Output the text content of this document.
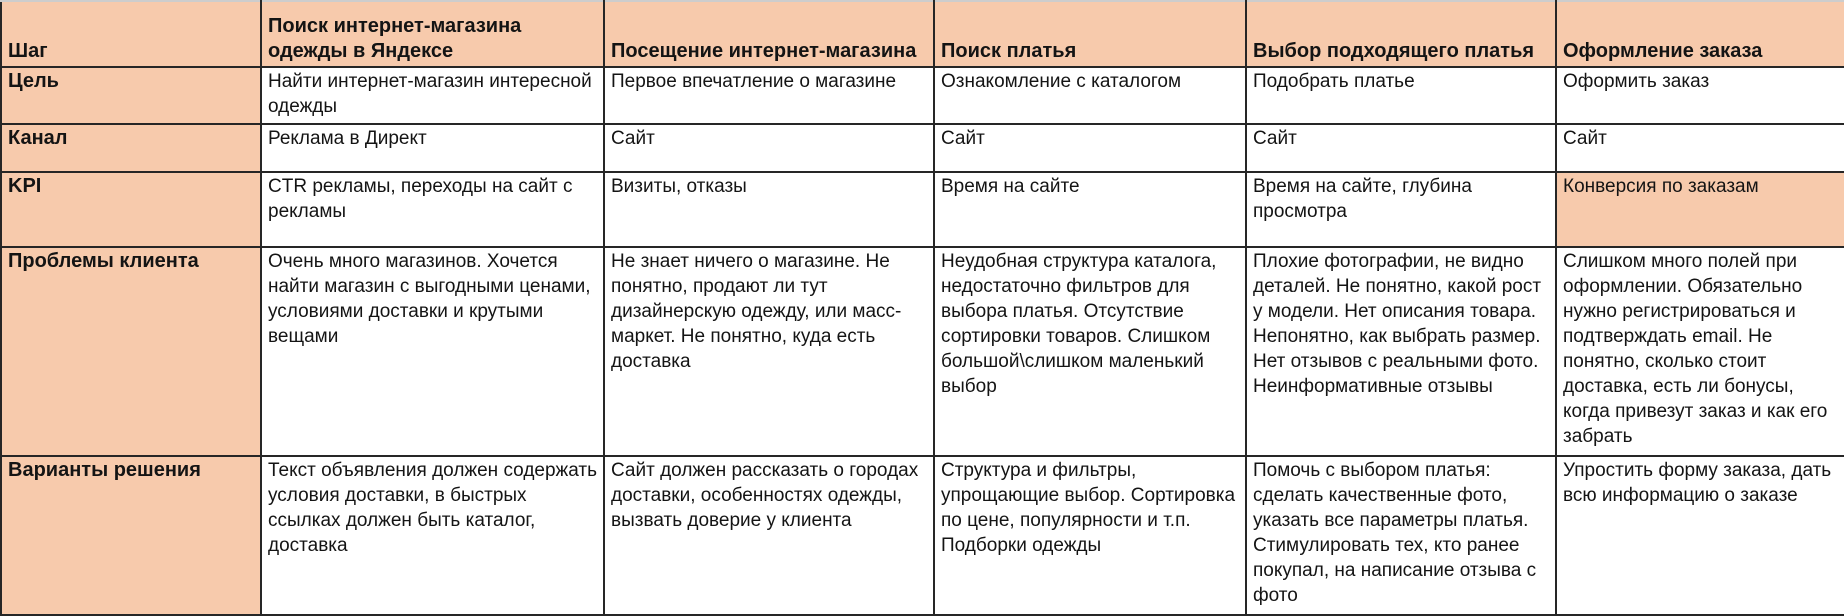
Шаг	Поиск интернет-магазина одежды в Яндексе	Посещение интернет-магазина	Поиск платья	Выбор подходящего платья	Оформление заказа
Цель	Найти интернет-магазин интересной одежды	Первое впечатление о магазине	Ознакомление с каталогом	Подобрать платье	Оформить заказ
Канал	Реклама в Директ	Сайт	Сайт	Сайт	Сайт
KPI	CTR рекламы, переходы на сайт с рекламы	Визиты, отказы	Время на сайте	Время на сайте, глубина просмотра	Конверсия по заказам
Проблемы клиента	Очень много магазинов. Хочется найти магазин с выгодными ценами, условиями доставки и крутыми вещами	Не знает ничего о магазине. Не понятно, продают ли тут дизайнерскую одежду, или масс-маркет. Не понятно, куда есть доставка	Неудобная структура каталога, недостаточно фильтров для выбора платья. Отсутствие сортировки товаров. Слишком большой\слишком маленький выбор	Плохие фотографии, не видно деталей. Не понятно, какой рост у модели. Нет описания товара. Непонятно, как выбрать размер. Нет отзывов с реальными фото. Неинформативные отзывы	Слишком много полей при оформлении. Обязательно нужно регистрироваться и подтверждать email. Не понятно, сколько стоит доставка, есть ли бонусы, когда привезут заказ и как его забрать
Варианты решения	Текст объявления должен содержать условия доставки, в быстрых ссылках должен быть каталог, доставка	Сайт должен рассказать о городах доставки, особенностях одежды, вызвать доверие у клиента	Структура и фильтры, упрощающие выбор. Сортировка по цене, популярности и т.п. Подборки одежды	Помочь с выбором платья: сделать качественные фото, указать все параметры платья. Стимулировать тех, кто ранее покупал, на написание отзыва с фото	Упростить форму заказа, дать всю информацию о заказе
